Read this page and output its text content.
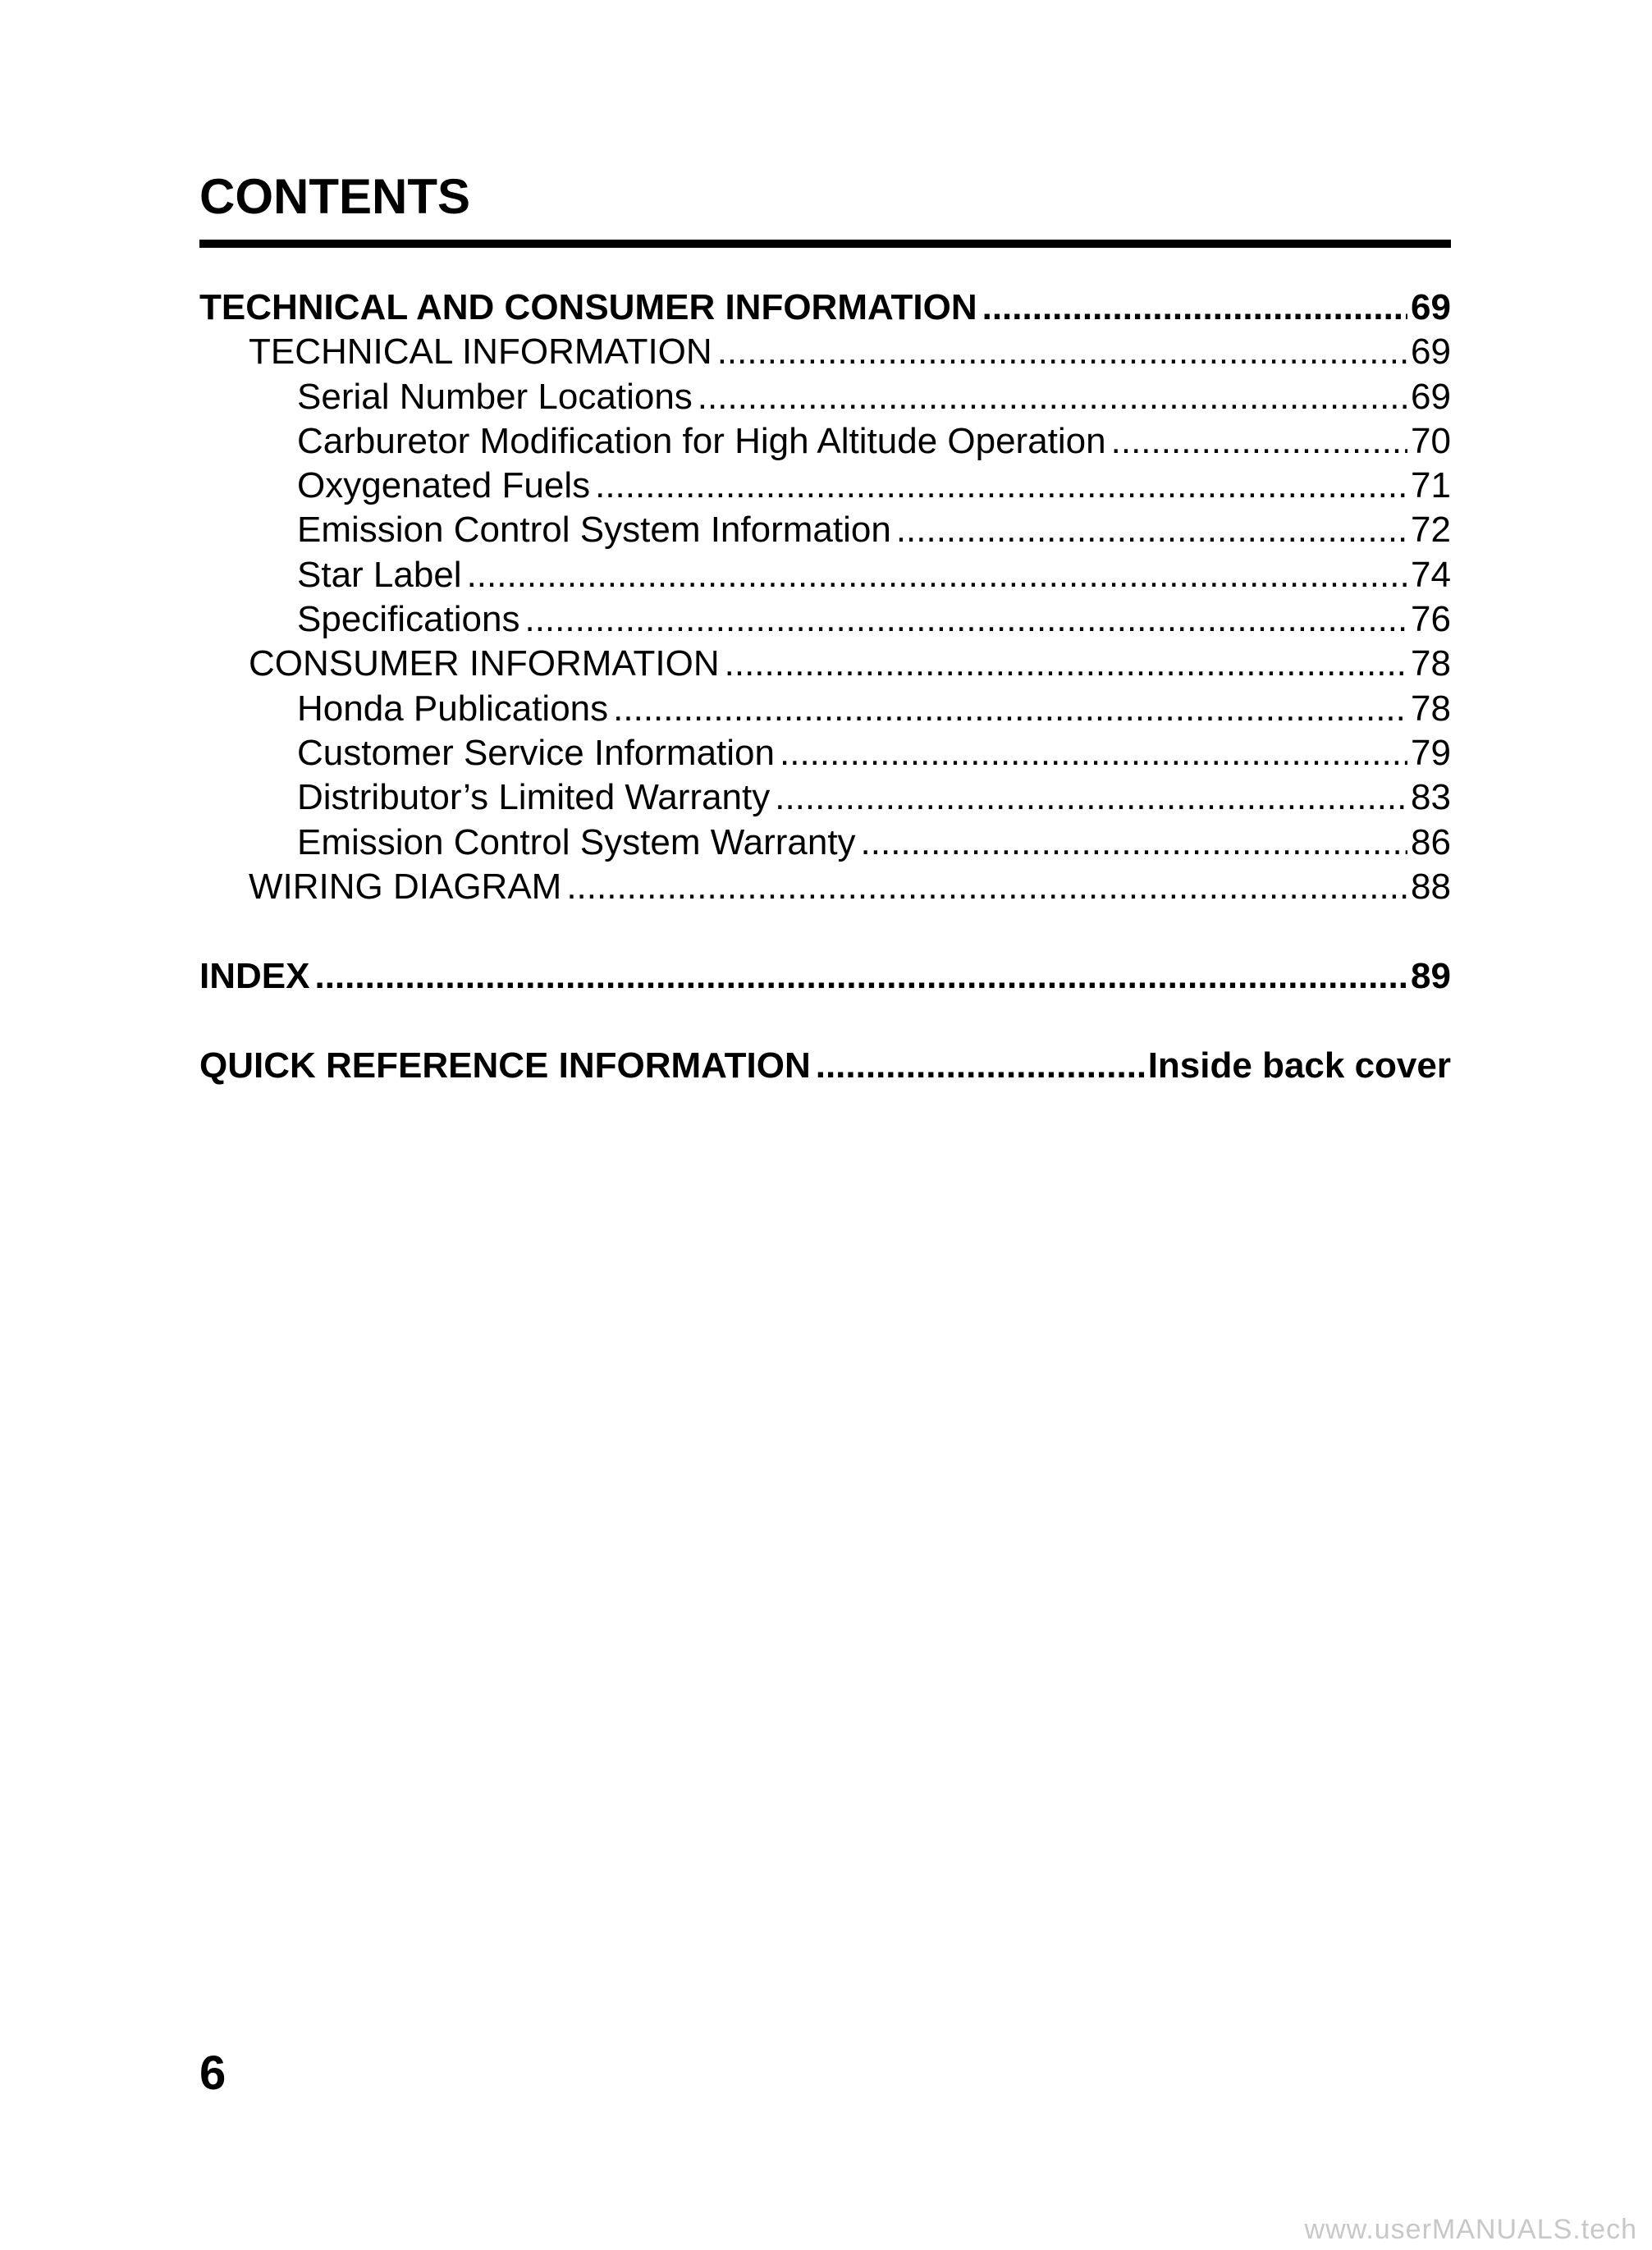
CONTENTS
TECHNICAL AND CONSUMER INFORMATION .....	69
TECHNICAL INFORMATION .....	69
Serial Number Locations .....	69
Carburetor Modification for High Altitude Operation .....	70
Oxygenated Fuels .....	71
Emission Control System Information .....	72
Star Label .....	74
Specifications .....	76
CONSUMER INFORMATION .....	78
Honda Publications .....	78
Customer Service Information .....	79
Distributor’s Limited Warranty .....	83
Emission Control System Warranty .....	86
WIRING DIAGRAM .....	88
INDEX .....	89
QUICK REFERENCE INFORMATION .....	Inside back cover
6
www.userMANUALS.tech
